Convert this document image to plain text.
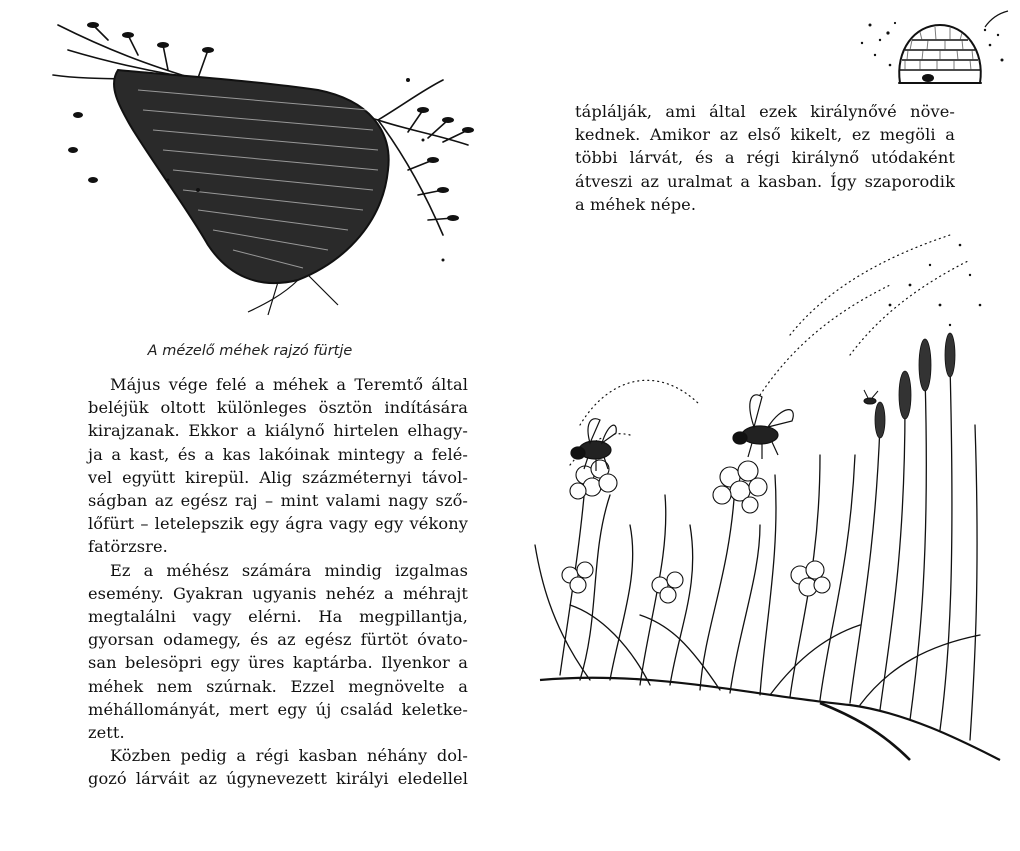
A mézelő méhek rajzó fürtje

Május vége felé a méhek a Teremtő által
beléjük oltott különleges ösztön indítására
kirajzanak. Ekkor a kiálynő hirtelen elhagy-
ja a kast, és a kas lakóinak mintegy a felé-
vel együtt kirepül. Alig százméternyi távol-
ságban az egész raj – mint valami nagy sző-
lőfürt – letelepszik egy ágra vagy egy vékony
fatörzsre.

Ez a méhész számára mindig izgalmas
esemény. Gyakran ugyanis nehéz a méhrajt
megtalálni vagy elérni. Ha megpillantja,
gyorsan odamegy, és az egész fürtöt óvato-
san belesöpri egy üres kaptárba. Ilyenkor a
méhek nem szúrnak. Ezzel megnövelte a
méhállományát, mert egy új család keletke-
zett.

Közben pedig a régi kasban néhány dol-
gozó lárváit az úgynevezett királyi eledellel

táplálják, ami által ezek királynővé növe-
kednek. Amikor az első kikelt, ez megöli a
többi lárvát, és a régi királynő utódaként
átveszi az uralmat a kasban. Így szaporodik
a méhek népe.
